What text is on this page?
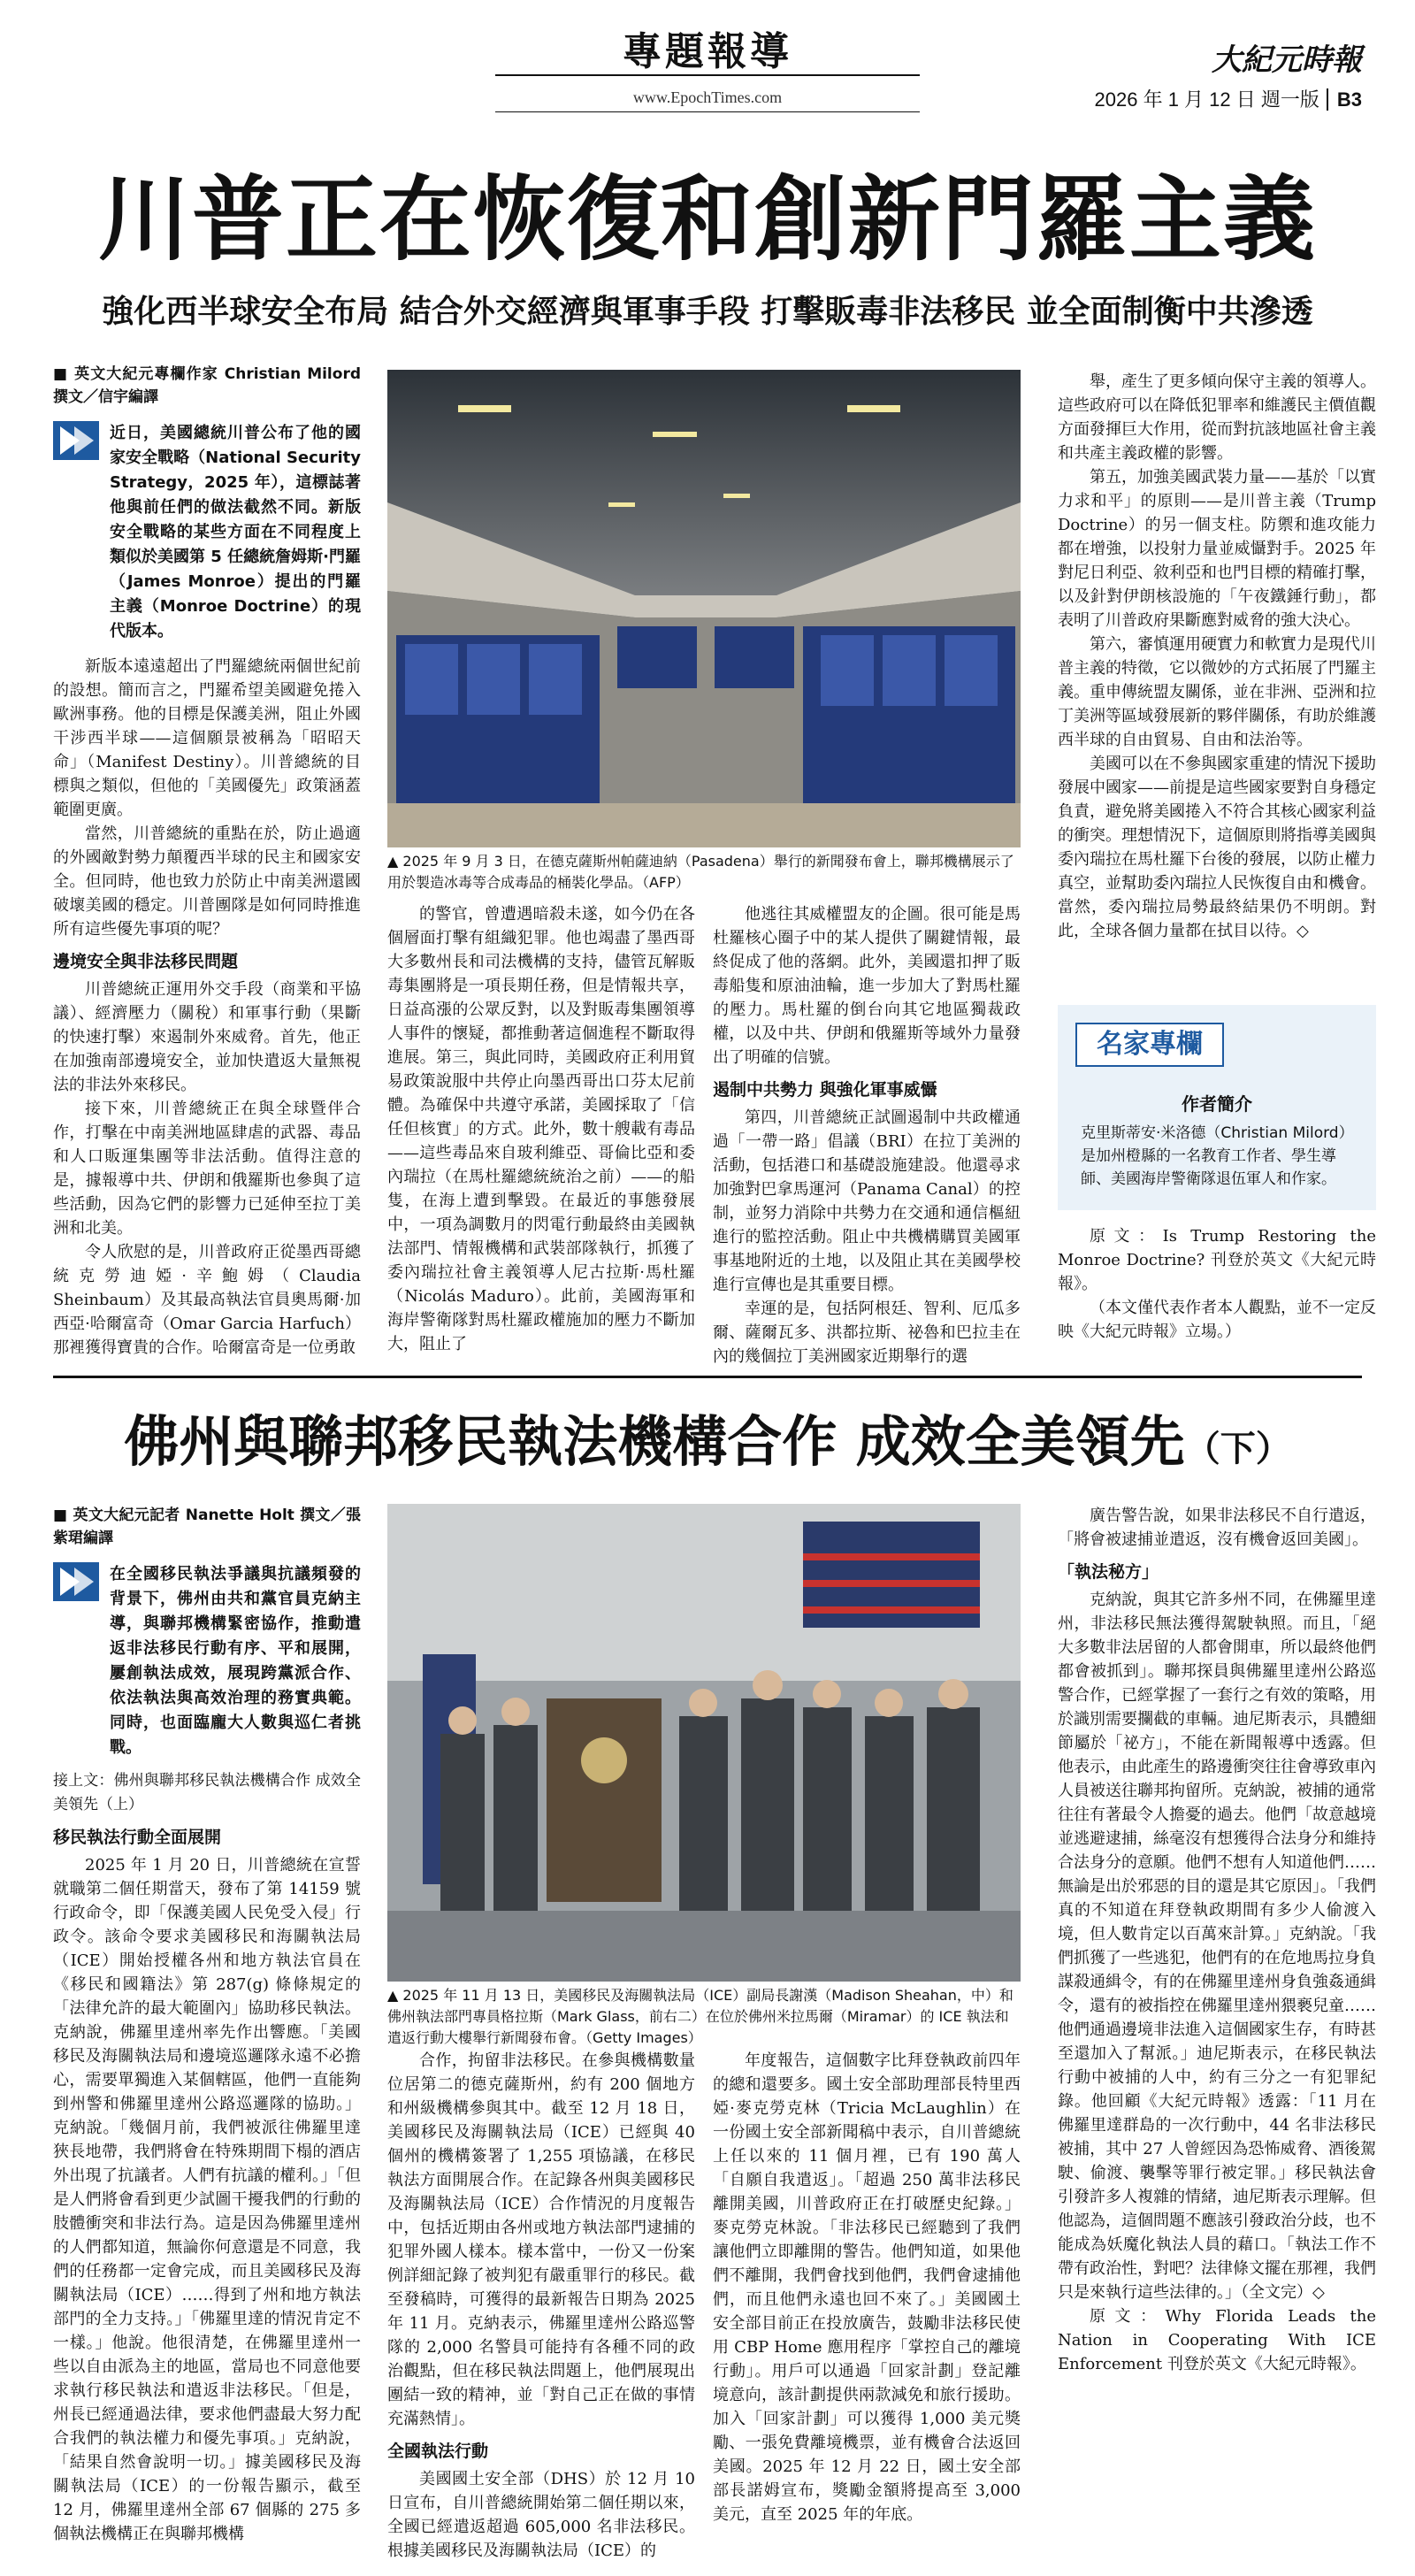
專題報導
www.EpochTimes.com
大紀元時報
2026 年 1 月 12 日 週一版 B3
川普正在恢復和創新門羅主義
強化西半球安全布局 結合外交經濟與軍事手段 打擊販毒非法移民 並全面制衡中共滲透
■ 英文大紀元專欄作家 Christian Milord 撰文／信宇編譯
近日，美國總統川普公布了他的國家安全戰略（National Security Strategy，2025 年），這標誌著他與前任們的做法截然不同。新版安全戰略的某些方面在不同程度上類似於美國第 5 任總統詹姆斯·門羅（James Monroe）提出的門羅主義（Monroe Doctrine）的現代版本。

新版本遠遠超出了門羅總統兩個世紀前的設想。簡而言之，門羅希望美國避免捲入歐洲事務。他的目標是保護美洲，阻止外國干涉西半球——這個願景被稱為「昭昭天命」（Manifest Destiny）。川普總統的目標與之類似，但他的「美國優先」政策涵蓋範圍更廣。

當然，川普總統的重點在於，防止過適的外國敵對勢力顛覆西半球的民主和國家安全。但同時，他也致力於防止中南美洲還國破壞美國的穩定。川普團隊是如何同時推進所有這些優先事項的呢？

邊境安全與非法移民問題

川普總統正運用外交手段（商業和平協議）、經濟壓力（關稅）和軍事行動（果斷的快速打擊）來遏制外來威脅。首先，他正在加強南部邊境安全，並加快遣返大量無視法的非法外來移民。

接下來，川普總統正在與全球暨伴合作，打擊在中南美洲地區肆虐的武器、毒品和人口販運集團等非法活動。值得注意的是，據報導中共、伊朗和俄羅斯也參與了這些活動，因為它們的影響力已延伸至拉丁美洲和北美。

令人欣慰的是，川普政府正從墨西哥總統克勞迪婭·辛鮑姆（Claudia Sheinbaum）及其最高執法官員奧馬爾·加西亞·哈爾富奇（Omar Garcia Harfuch）那裡獲得寶貴的合作。哈爾富奇是一位勇敢

▲ 2025 年 9 月 3 日，在德克薩斯州帕薩迪納（Pasadena）舉行的新聞發布會上，聯邦機構展示了用於製造冰毒等合成毒品的桶裝化學品。（AFP）

的警官，曾遭遇暗殺未遂，如今仍在各個層面打擊有組織犯罪。他也竭盡了墨西哥大多數州長和司法機構的支持，儘管瓦解販毒集團將是一項長期任務，但是情報共享，日益高漲的公眾反對，以及對販毒集團領導人事件的懷疑，都推動著這個進程不斷取得進展。第三，與此同時，美國政府正利用貿易政策說服中共停止向墨西哥出口芬太尼前體。為確保中共遵守承諾，美國採取了「信任但核實」的方式。此外，數十艘載有毒品——這些毒品來自玻利維亞、哥倫比亞和委內瑞拉（在馬杜羅總統統治之前）——的船隻，在海上遭到擊毀。在最近的事態發展中，一項為調數月的閃電行動最終由美國執法部門、情報機構和武裝部隊執行，抓獲了委內瑞拉社會主義領導人尼古拉斯·馬杜羅（Nicolás Maduro）。此前，美國海軍和海岸警衛隊對馬杜羅政權施加的壓力不斷加大，阻止了

他逃往其威權盟友的企圖。很可能是馬杜羅核心圈子中的某人提供了關鍵情報，最終促成了他的落網。此外，美國還扣押了販毒船隻和原油油輪，進一步加大了對馬杜羅的壓力。馬杜羅的倒台向其它地區獨裁政權，以及中共、伊朗和俄羅斯等域外力量發出了明確的信號。

遏制中共勢力 與強化軍事威懾

第四，川普總統正試圖遏制中共政權通過「一帶一路」倡議（BRI）在拉丁美洲的活動，包括港口和基礎設施建設。他還尋求加強對巴拿馬運河（Panama Canal）的控制，並努力消除中共勢力在交通和通信樞紐進行的監控活動。阻止中共機構購買美國軍事基地附近的土地，以及阻止其在美國學校進行宣傳也是其重要目標。

幸運的是，包括阿根廷、智利、厄瓜多爾、薩爾瓦多、洪都拉斯、祕魯和巴拉圭在內的幾個拉丁美洲國家近期舉行的選

舉，產生了更多傾向保守主義的領導人。這些政府可以在降低犯罪率和維護民主價值觀方面發揮巨大作用，從而對抗該地區社會主義和共產主義政權的影響。

第五，加強美國武裝力量——基於「以實力求和平」的原則——是川普主義（Trump Doctrine）的另一個支柱。防禦和進攻能力都在增強，以投射力量並威懾對手。2025 年對尼日利亞、敘利亞和也門目標的精確打擊，以及針對伊朗核設施的「午夜鐵錘行動」，都表明了川普政府果斷應對威脅的強大決心。

第六，審慎運用硬實力和軟實力是現代川普主義的特徵，它以微妙的方式拓展了門羅主義。重申傳統盟友關係，並在非洲、亞洲和拉丁美洲等區域發展新的夥伴關係，有助於維護西半球的自由貿易、自由和法治等。

美國可以在不參與國家重建的情況下援助發展中國家——前提是這些國家要對自身穩定負責，避免將美國捲入不符合其核心國家利益的衝突。理想情況下，這個原則將指導美國與委內瑞拉在馬杜羅下台後的發展，以防止權力真空，並幫助委內瑞拉人民恢復自由和機會。當然，委內瑞拉局勢最終結果仍不明朗。對此，全球各個力量都在拭目以待。◇

名家專欄
作者簡介
克里斯蒂安·米洛德（Christian Milord）是加州橙縣的一名教育工作者、學生導師、美國海岸警衛隊退伍軍人和作家。

原文：Is Trump Restoring the Monroe Doctrine? 刊登於英文《大紀元時報》。

（本文僅代表作者本人觀點，並不一定反映《大紀元時報》立場。）

佛州與聯邦移民執法機構合作 成效全美領先（下）
■ 英文大紀元記者 Nanette Holt 撰文／張紫珺編譯
在全國移民執法爭議與抗議頻發的背景下，佛州由共和黨官員克納主導，與聯邦機構緊密協作，推動遣返非法移民行動有序、平和展開，屢創執法成效，展現跨黨派合作、依法執法與高效治理的務實典範。同時，也面臨龐大人數與巡仁者挑戰。
接上文：佛州與聯邦移民執法機構合作 成效全美領先（上）
移民執法行動全面展開

2025 年 1 月 20 日，川普總統在宣誓就職第二個任期當天，發布了第 14159 號行政命令，即「保護美國人民免受入侵」行政令。該命令要求美國移民和海關執法局（ICE）開始授權各州和地方執法官員在《移民和國籍法》第 287(g) 條條規定的「法律允許的最大範圍內」協助移民執法。克納說，佛羅里達州率先作出響應。「美國移民及海關執法局和邊境巡邏隊永遠不必擔心，需要單獨進入某個轄區，他們一直能夠到州警和佛羅里達州公路巡邏隊的協助。」克納說。「幾個月前，我們被派往佛羅里達狹長地帶，我們將會在特殊期間下榻的酒店外出現了抗議者。人們有抗議的權利。」「但是人們將會看到更少試圖干擾我們的行動的肢體衝突和非法行為。這是因為佛羅里達州的人們都知道，無論你何意還是不同意，我們的任務都一定會完成，而且美國移民及海關執法局（ICE）……得到了州和地方執法部門的全力支持。」「佛羅里達的情況肯定不一樣。」他說。他很清楚，在佛羅里達州一些以自由派為主的地區，當局也不同意他要求執行移民執法和遣返非法移民。「但是，州長已經通過法律，要求他們盡最大努力配合我們的執法權力和優先事項。」克納說，「結果自然會說明一切。」據美國移民及海關執法局（ICE）的一份報告顯示，截至 12 月，佛羅里達州全部 67 個縣的 275 多個執法機構正在與聯邦機構

▲ 2025 年 11 月 13 日，美國移民及海關執法局（ICE）副局長謝漢（Madison Sheahan，中）和佛州執法部門專員格拉斯（Mark Glass，前右二）在位於佛州米拉馬爾（Miramar）的 ICE 執法和遣返行動大樓舉行新聞發布會。（Getty Images）

合作，拘留非法移民。在參與機構數量位居第二的德克薩斯州，約有 200 個地方和州級機構參與其中。截至 12 月 18 日，美國移民及海關執法局（ICE）已經與 40 個州的機構簽署了 1,255 項協議，在移民執法方面開展合作。在記錄各州與美國移民及海關執法局（ICE）合作情況的月度報告中，包括近期由各州或地方執法部門逮捕的犯罪外國人樣本。樣本當中，一份又一份案例詳細記錄了被判犯有嚴重罪行的移民。截至發稿時，可獲得的最新報告日期為 2025 年 11 月。克納表示，佛羅里達州公路巡警隊的 2,000 名警員可能持有各種不同的政治觀點，但在移民執法問題上，他們展現出團結一致的精神，並「對自己正在做的事情充滿熱情」。

全國執法行動

美國國土安全部（DHS）於 12 月 10 日宣布，自川普總統開始第二個任期以來，全國已經遣返超過 605,000 名非法移民。根據美國移民及海關執法局（ICE）的

年度報告，這個數字比拜登執政前四年的總和還要多。國土安全部助理部長特里西婭·麥克勞克林（Tricia McLaughlin）在一份國土安全部新聞稿中表示，自川普總統上任以來的 11 個月裡，已有 190 萬人「自願自我遣返」。「超過 250 萬非法移民離開美國，川普政府正在打破歷史紀錄。」麥克勞克林說。「非法移民已經聽到了我們讓他們立即離開的警告。他們知道，如果他們不離開，我們會找到他們，我們會逮捕他們，而且他們永遠也回不來了。」美國國土安全部目前正在投放廣告，鼓勵非法移民使用 CBP Home 應用程序「掌控自己的離境行動」。用戶可以通過「回家計劃」登記離境意向，該計劃提供兩款減免和旅行援助。加入「回家計劃」可以獲得 1,000 美元獎勵、一張免費離境機票，並有機會合法返回美國。2025 年 12 月 22 日，國土安全部部長諾姆宣布，獎勵金額將提高至 3,000 美元，直至 2025 年的年底。

廣告警告說，如果非法移民不自行遣返，「將會被逮捕並遣返，沒有機會返回美國」。

「執法秘方」

克納說，與其它許多州不同，在佛羅里達州，非法移民無法獲得駕駛執照。而且，「絕大多數非法居留的人都會開車，所以最終他們都會被抓到」。聯邦探員與佛羅里達州公路巡警合作，已經掌握了一套行之有效的策略，用於識別需要攔截的車輛。迪尼斯表示，具體細節屬於「祕方」，不能在新聞報導中透露。但他表示，由此產生的路邊衝突往往會導致車內人員被送往聯邦拘留所。克納說，被捕的通常往往有著最令人擔憂的過去。他們「故意越境並逃避逮捕，絲毫沒有想獲得合法身分和維持合法身分的意願。他們不想有人知道他們……無論是出於邪惡的目的還是其它原因」。「我們真的不知道在拜登執政期間有多少人偷渡入境，但人數肯定以百萬來計算。」克納說。「我們抓獲了一些逃犯，他們有的在危地馬拉身負謀殺通緝令，有的在佛羅里達州身負強姦通緝令，還有的被指控在佛羅里達州猥褻兒童……他們通過邊境非法進入這個國家生存，有時甚至還加入了幫派。」迪尼斯表示，在移民執法行動中被捕的人中，約有三分之一有犯罪紀錄。他回顧《大紀元時報》透露：「11 月在佛羅里達群島的一次行動中，44 名非法移民被捕，其中 27 人曾經因為恐怖威脅、酒後駕駛、偷渡、襲擊等罪行被定罪。」移民執法會引發許多人複雜的情緒，迪尼斯表示理解。但他認為，這個問題不應該引發政治分歧，也不能成為妖魔化執法人員的藉口。「執法工作不帶有政治性，對吧？法律條文擺在那裡，我們只是來執行這些法律的。」（全文完）◇

原文：Why Florida Leads the Nation in Cooperating With ICE Enforcement 刊登於英文《大紀元時報》。
